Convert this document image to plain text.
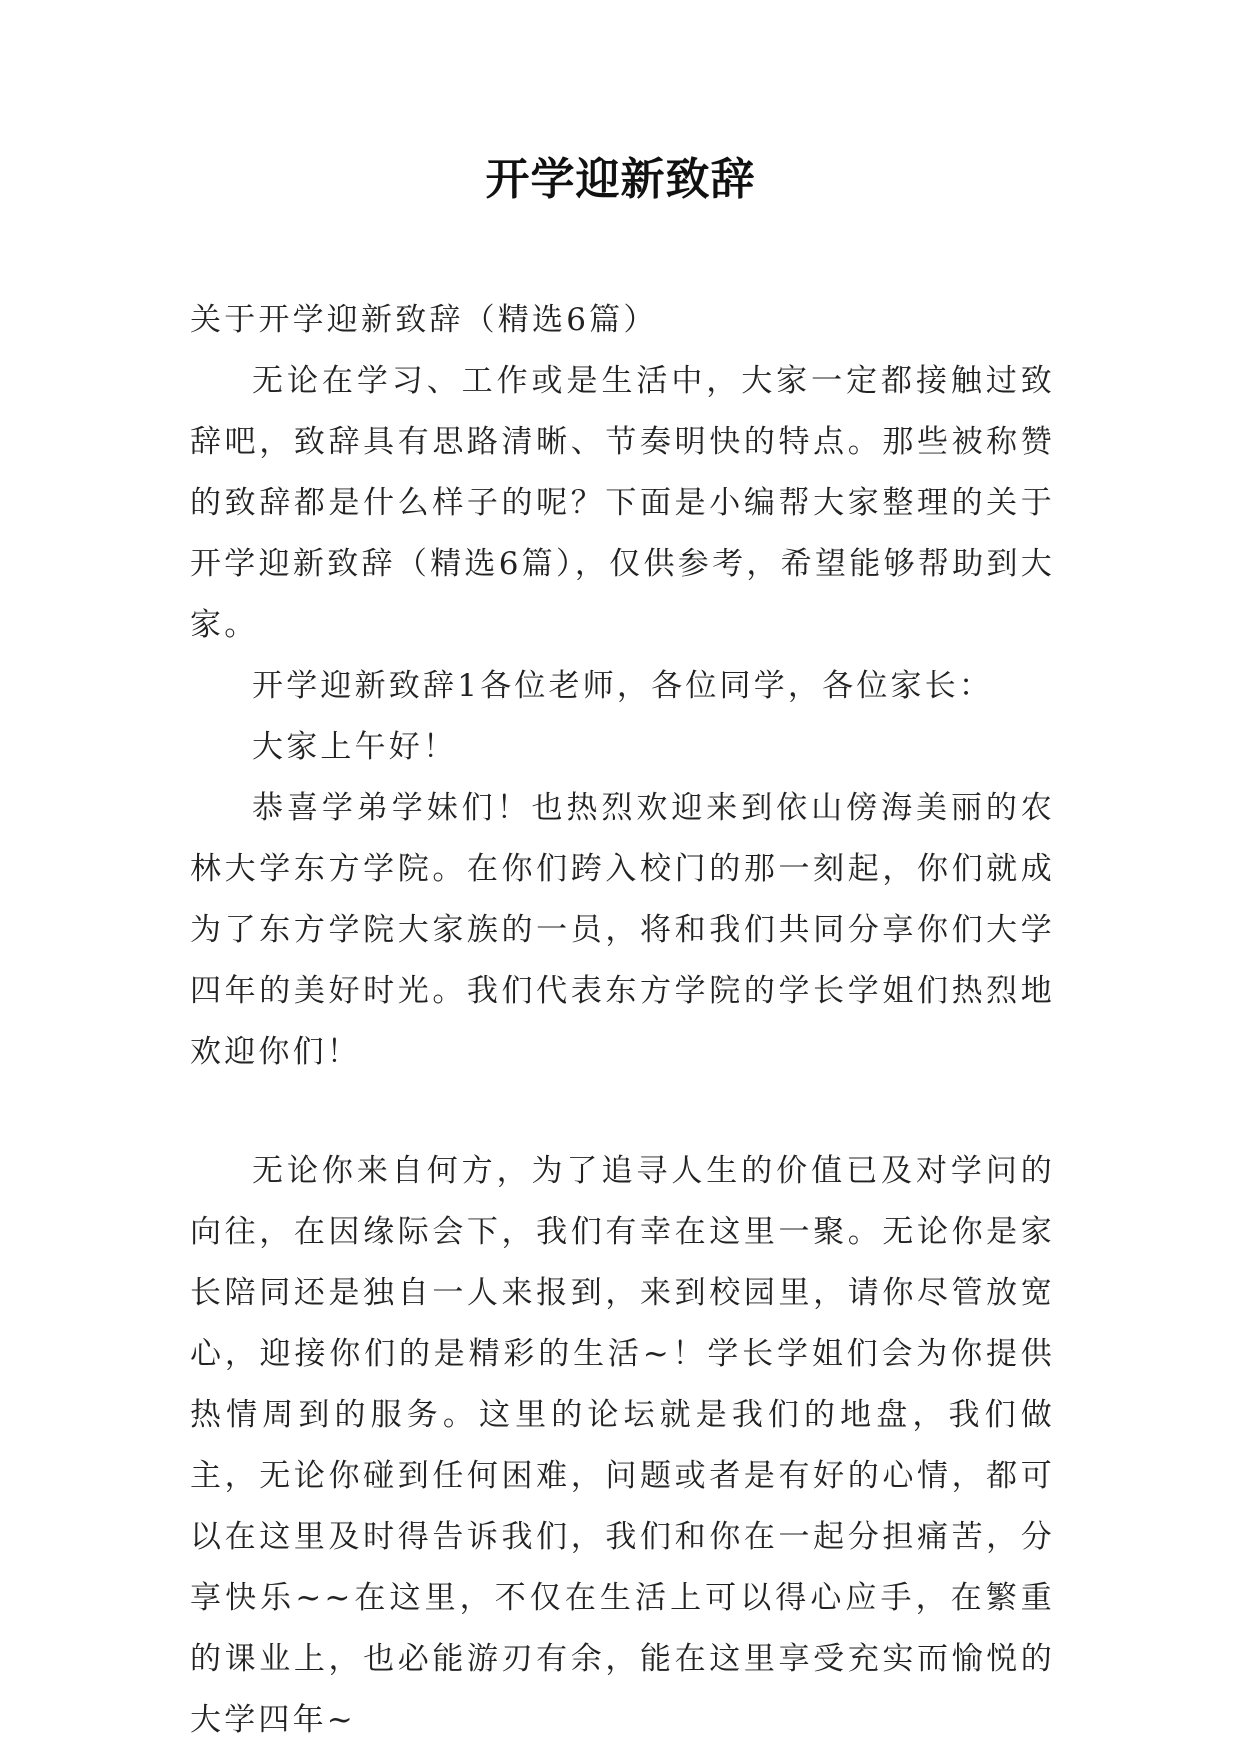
开学迎新致辞

关于开学迎新致辞（精选6篇）

无论在学习、工作或是生活中，大家一定都接触过致辞吧，致辞具有思路清晰、节奏明快的特点。那些被称赞的致辞都是什么样子的呢？下面是小编帮大家整理的关于开学迎新致辞（精选6篇），仅供参考，希望能够帮助到大家。

开学迎新致辞1各位老师，各位同学，各位家长：

大家上午好！

恭喜学弟学妹们！也热烈欢迎来到依山傍海美丽的农林大学东方学院。在你们跨入校门的那一刻起，你们就成为了东方学院大家族的一员，将和我们共同分享你们大学四年的美好时光。我们代表东方学院的学长学姐们热烈地欢迎你们！

无论你来自何方，为了追寻人生的价值已及对学问的向往，在因缘际会下，我们有幸在这里一聚。无论你是家长陪同还是独自一人来报到，来到校园里，请你尽管放宽心，迎接你们的是精彩的生活~！学长学姐们会为你提供热情周到的服务。这里的论坛就是我们的地盘，我们做主，无论你碰到任何困难，问题或者是有好的心情，都可以在这里及时得告诉我们，我们和你在一起分担痛苦，分享快乐~~在这里，不仅在生活上可以得心应手，在繁重的课业上，也必能游刃有余，能在这里享受充实而愉悦的大学四年~
